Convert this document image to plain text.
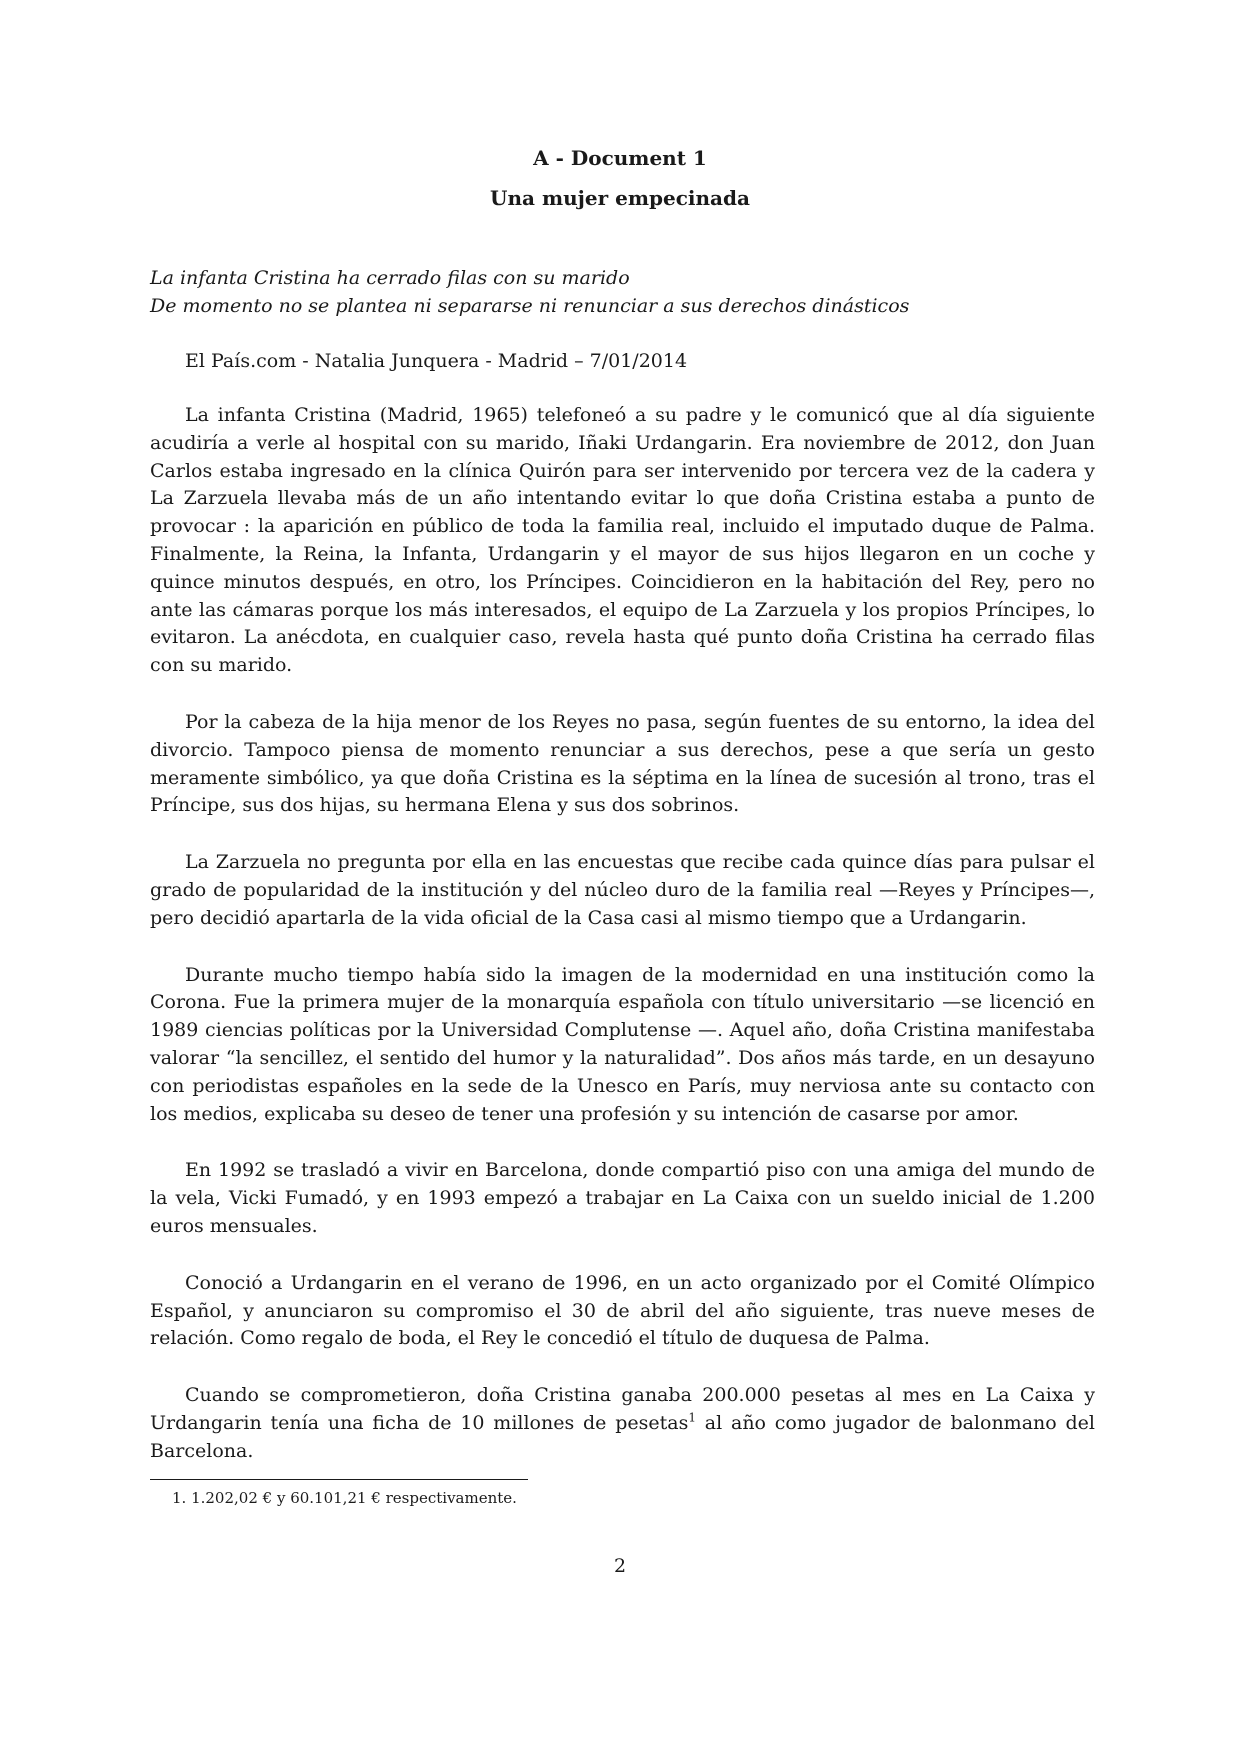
A - Document 1
Una mujer empecinada

La infanta Cristina ha cerrado filas con su marido

De momento no se plantea ni separarse ni renunciar a sus derechos dinásticos

El País.com - Natalia Junquera - Madrid – 7/01/2014

La infanta Cristina (Madrid, 1965) telefoneó a su padre y le comunicó que al día siguiente acudiría a verle al hospital con su marido, Iñaki Urdangarin. Era noviembre de 2012, don Juan Carlos estaba ingresado en la clínica Quirón para ser intervenido por tercera vez de la cadera y La Zarzuela llevaba más de un año intentando evitar lo que doña Cristina estaba a punto de provocar : la aparición en público de toda la familia real, incluido el imputado duque de Palma. Finalmente, la Reina, la Infanta, Urdangarin y el mayor de sus hijos llegaron en un coche y quince minutos después, en otro, los Príncipes. Coincidieron en la habitación del Rey, pero no ante las cámaras porque los más interesados, el equipo de La Zarzuela y los propios Príncipes, lo evitaron. La anécdota, en cualquier caso, revela hasta qué punto doña Cristina ha cerrado filas con su marido.

Por la cabeza de la hija menor de los Reyes no pasa, según fuentes de su entorno, la idea del divorcio. Tampoco piensa de momento renunciar a sus derechos, pese a que sería un gesto meramente simbólico, ya que doña Cristina es la séptima en la línea de sucesión al trono, tras el Príncipe, sus dos hijas, su hermana Elena y sus dos sobrinos.

La Zarzuela no pregunta por ella en las encuestas que recibe cada quince días para pulsar el grado de popularidad de la institución y del núcleo duro de la familia real —Reyes y Príncipes—, pero decidió apartarla de la vida oficial de la Casa casi al mismo tiempo que a Urdangarin.

Durante mucho tiempo había sido la imagen de la modernidad en una institución como la Corona. Fue la primera mujer de la monarquía española con título universitario —se licenció en 1989 ciencias políticas por la Universidad Complutense —. Aquel año, doña Cristina manifestaba valorar “la sencillez, el sentido del humor y la naturalidad”. Dos años más tarde, en un desayuno con periodistas españoles en la sede de la Unesco en París, muy nerviosa ante su contacto con los medios, explicaba su deseo de tener una profesión y su intención de casarse por amor.

En 1992 se trasladó a vivir en Barcelona, donde compartió piso con una amiga del mundo de la vela, Vicki Fumadó, y en 1993 empezó a trabajar en La Caixa con un sueldo inicial de 1.200 euros mensuales.

Conoció a Urdangarin en el verano de 1996, en un acto organizado por el Comité Olímpico Español, y anunciaron su compromiso el 30 de abril del año siguiente, tras nueve meses de relación. Como regalo de boda, el Rey le concedió el título de duquesa de Palma.

Cuando se comprometieron, doña Cristina ganaba 200.000 pesetas al mes en La Caixa y Urdangarin tenía una ficha de 10 millones de pesetas$^1$ al año como jugador de balonmano del Barcelona.

1. 1.202,02 € y 60.101,21 € respectivamente.

2
